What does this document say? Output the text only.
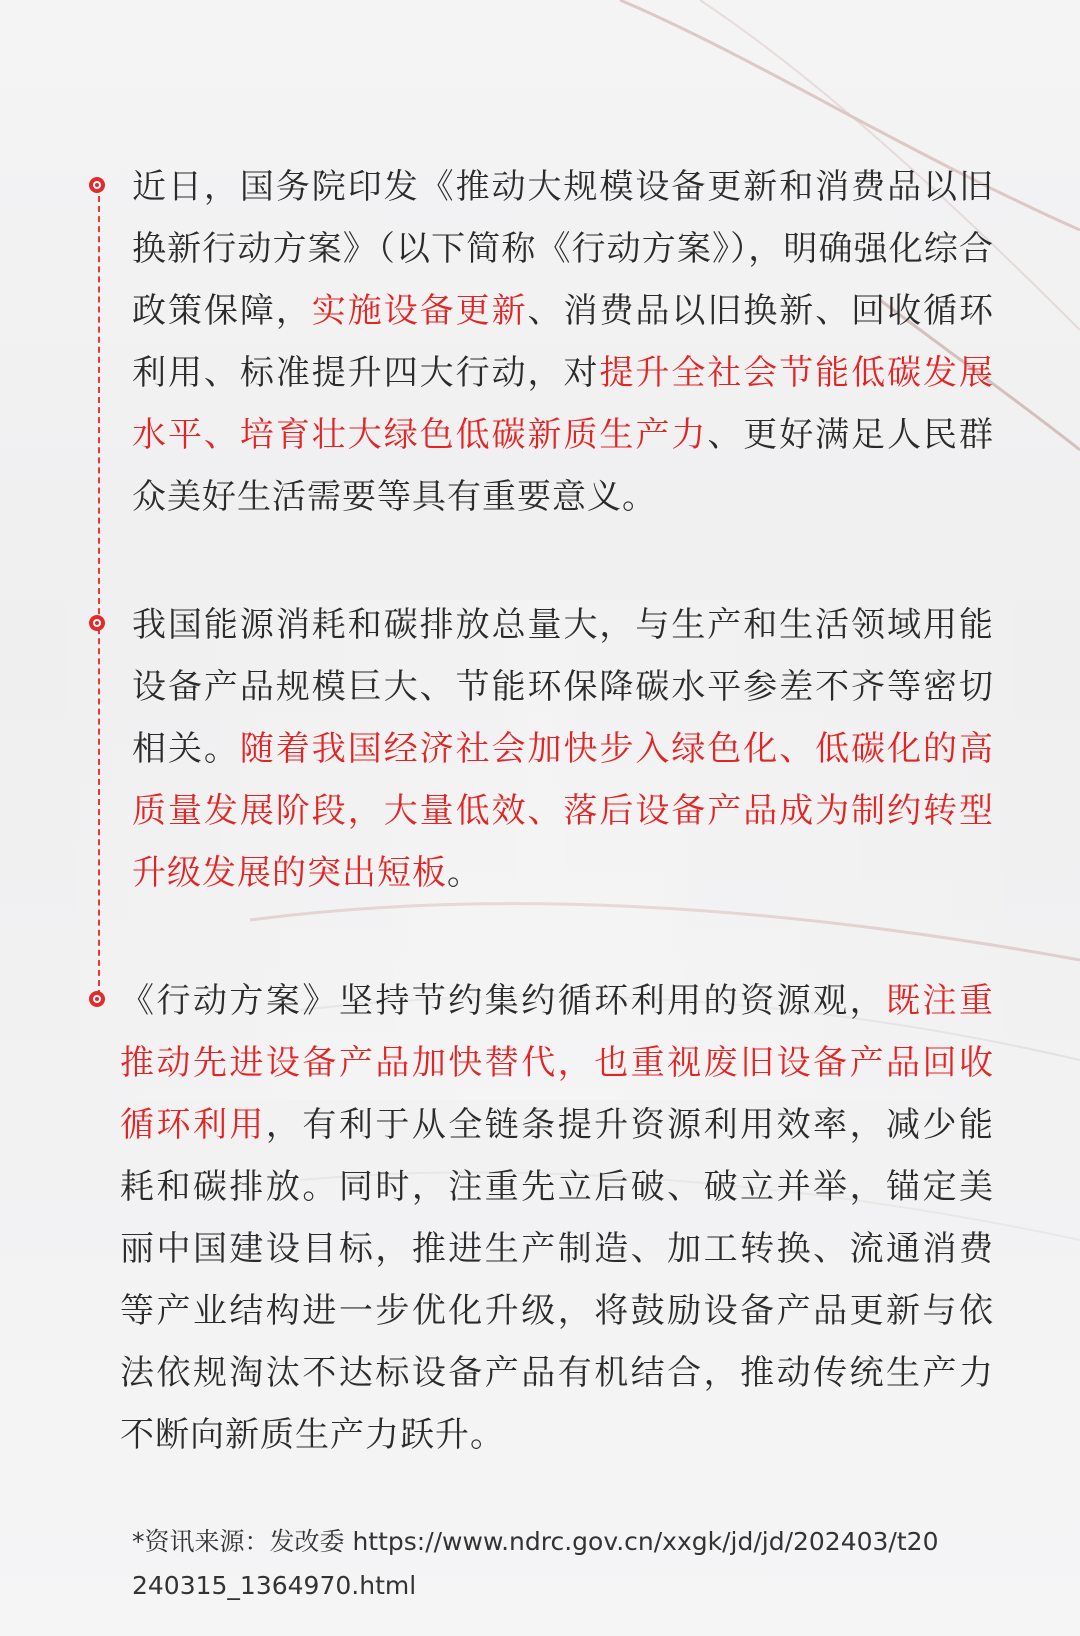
近日，国务院印发《推动大规模设备更新和消费品以旧换新行动方案》（以下简称《行动方案》），明确强化综合政策保障，实施设备更新、消费品以旧换新、回收循环利用、标准提升四大行动，对提升全社会节能低碳发展水平、培育壮大绿色低碳新质生产力、更好满足人民群众美好生活需要等具有重要意义。
我国能源消耗和碳排放总量大，与生产和生活领域用能设备产品规模巨大、节能环保降碳水平参差不齐等密切相关。随着我国经济社会加快步入绿色化、低碳化的高质量发展阶段，大量低效、落后设备产品成为制约转型升级发展的突出短板。
《行动方案》坚持节约集约循环利用的资源观，既注重推动先进设备产品加快替代，也重视废旧设备产品回收循环利用，有利于从全链条提升资源利用效率，减少能耗和碳排放。同时，注重先立后破、破立并举，锚定美丽中国建设目标，推进生产制造、加工转换、流通消费等产业结构进一步优化升级，将鼓励设备产品更新与依法依规淘汰不达标设备产品有机结合，推动传统生产力不断向新质生产力跃升。
*资讯来源：发改委 https://www.ndrc.gov.cn/xxgk/jd/jd/202403/t20240315_1364970.html
